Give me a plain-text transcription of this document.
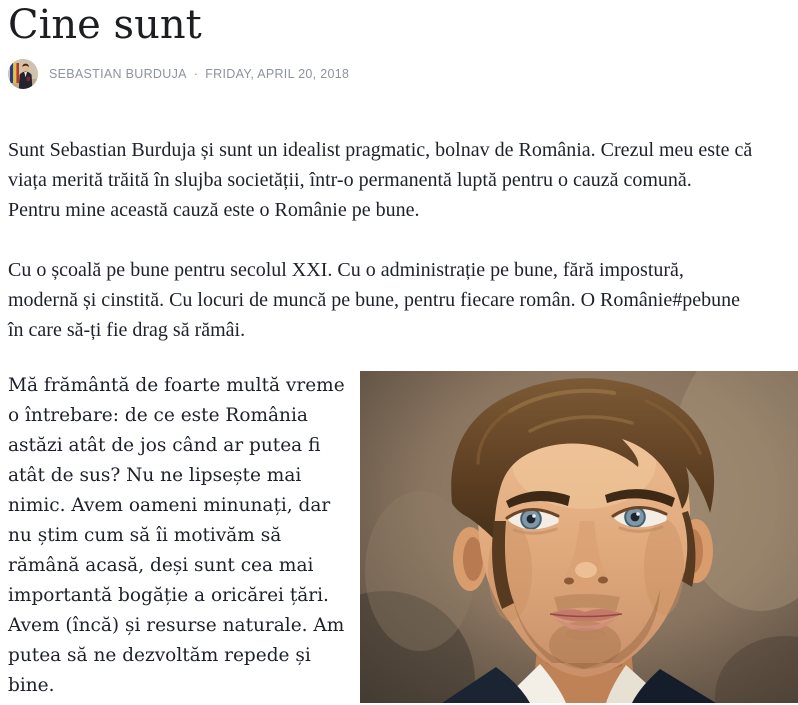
Cine sunt
SEBASTIAN BURDUJA · FRIDAY, APRIL 20, 2018
Sunt Sebastian Burduja și sunt un idealist pragmatic, bolnav de România. Crezul meu este că
viața merită trăită în slujba societății, într-o permanentă luptă pentru o cauză comună.
Pentru mine această cauză este o Românie pe bune.
Cu o școală pe bune pentru secolul XXI. Cu o administrație pe bune, fără impostură,
modernă și cinstită. Cu locuri de muncă pe bune, pentru fiecare român. O Românie#pebune
în care să-ți fie drag să rămâi.
Mă frământă de foarte multă vreme
o întrebare: de ce este România
astăzi atât de jos când ar putea fi
atât de sus? Nu ne lipsește mai
nimic. Avem oameni minunați, dar
nu știm cum să îi motivăm să
rămână acasă, deși sunt cea mai
importantă bogăție a oricărei țări.
Avem (încă) și resurse naturale. Am
putea să ne dezvoltăm repede și
bine.
